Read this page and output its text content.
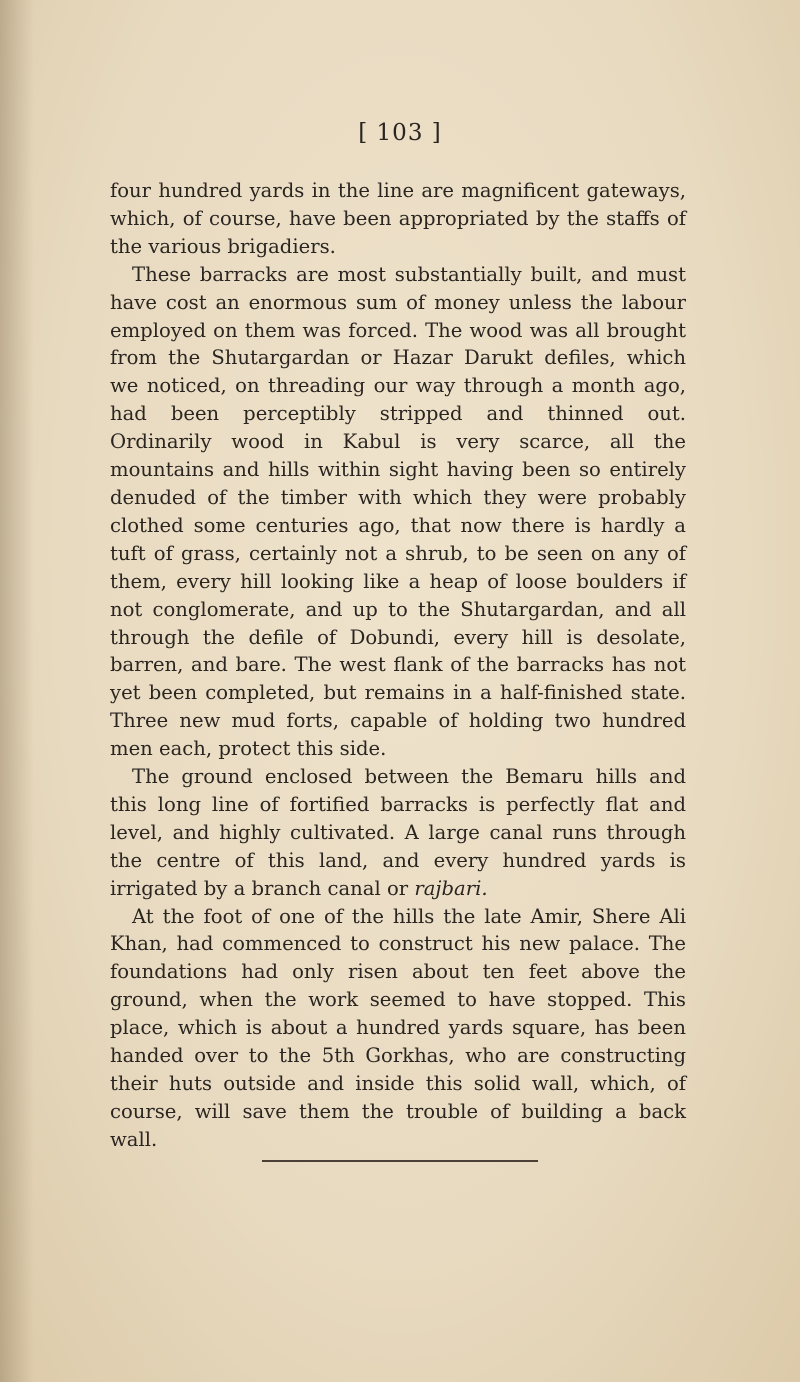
[ 103 ]

four hundred yards in the line are magnificent gateways, which, of course, have been appropriated by the staffs of the various brigadiers.

These barracks are most substantially built, and must have cost an enormous sum of money unless the labour employed on them was forced. The wood was all brought from the Shutargardan or Hazar Darukt defiles, which we noticed, on threading our way through a month ago, had been perceptibly stripped and thinned out. Ordinarily wood in Kabul is very scarce, all the mountains and hills within sight having been so entirely denuded of the timber with which they were probably clothed some centuries ago, that now there is hardly a tuft of grass, certainly not a shrub, to be seen on any of them, every hill looking like a heap of loose boulders if not conglomerate, and up to the Shutargardan, and all through the defile of Dobundi, every hill is desolate, barren, and bare. The west flank of the barracks has not yet been completed, but remains in a half-finished state. Three new mud forts, capable of holding two hundred men each, protect this side.

The ground enclosed between the Bemaru hills and this long line of fortified barracks is perfectly flat and level, and highly cultivated. A large canal runs through the centre of this land, and every hundred yards is irrigated by a branch canal or rajbari.

At the foot of one of the hills the late Amir, Shere Ali Khan, had commenced to construct his new palace. The foundations had only risen about ten feet above the ground, when the work seemed to have stopped. This place, which is about a hundred yards square, has been handed over to the 5th Gorkhas, who are constructing their huts outside and inside this solid wall, which, of course, will save them the trouble of building a back wall.
